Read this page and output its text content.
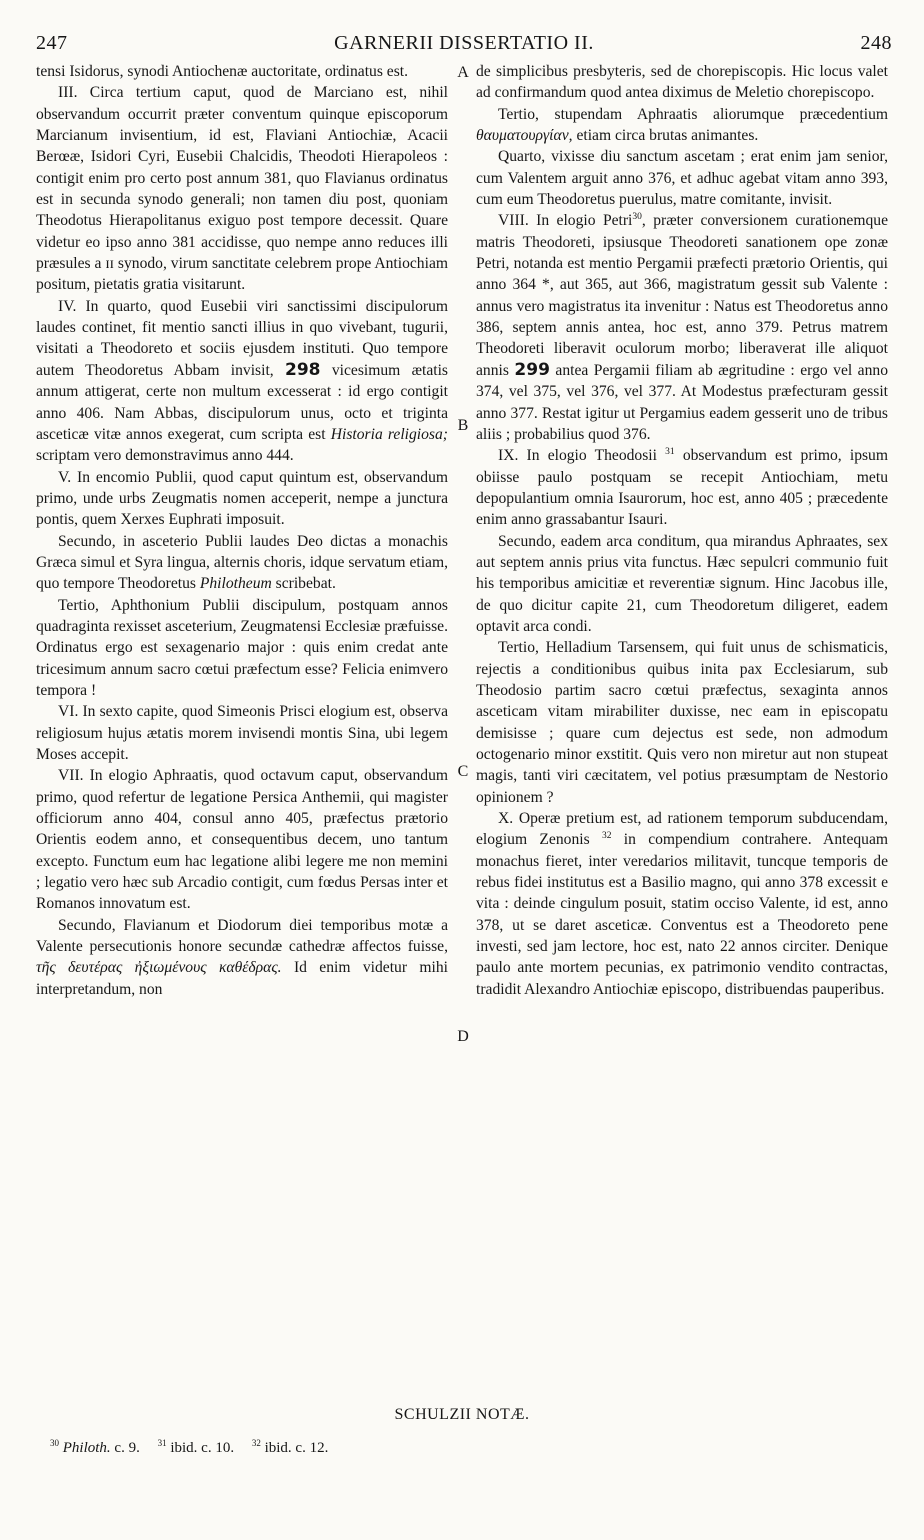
247	GARNERII DISSERTATIO II.	248
A
B
C
D

tensi Isidorus, synodi Antiochenæ auctoritate, ordinatus est.

III. Circa tertium caput, quod de Marciano est, nihil observandum occurrit præter conventum quinque episcoporum Marcianum invisentium, id est, Flaviani Antiochiæ, Acacii Berœæ, Isidori Cyri, Eusebii Chalcidis, Theodoti Hierapoleos : contigit enim pro certo post annum 381, quo Flavianus ordinatus est in secunda synodo generali; non tamen diu post, quoniam Theodotus Hierapolitanus exiguo post tempore decessit. Quare videtur eo ipso anno 381 accidisse, quo nempe anno reduces illi præsules a ɪɪ synodo, virum sanctitate celebrem prope Antiochiam positum, pietatis gratia visitarunt.

IV. In quarto, quod Eusebii viri sanctissimi discipulorum laudes continet, fit mentio sancti illius in quo vivebant, tugurii, visitati a Theodoreto et sociis ejusdem instituti. Quo tempore autem Theodoretus Abbam invisit, 298 vicesimum ætatis annum attigerat, certe non multum excesserat : id ergo contigit anno 406. Nam Abbas, discipulorum unus, octo et triginta asceticæ vitæ annos exegerat, cum scripta est Historia religiosa; scriptam vero demonstravimus anno 444.

V. In encomio Publii, quod caput quintum est, observandum primo, unde urbs Zeugmatis nomen acceperit, nempe a junctura pontis, quem Xerxes Euphrati imposuit.

Secundo, in asceterio Publii laudes Deo dictas a monachis Græca simul et Syra lingua, alternis choris, idque servatum etiam, quo tempore Theodoretus Philotheum scribebat.

Tertio, Aphthonium Publii discipulum, postquam annos quadraginta rexisset asceterium, Zeugmatensi Ecclesiæ præfuisse. Ordinatus ergo est sexagenario major : quis enim credat ante tricesimum annum sacro cœtui præfectum esse? Felicia enimvero tempora !

VI. In sexto capite, quod Simeonis Prisci elogium est, observa religiosum hujus ætatis morem invisendi montis Sina, ubi legem Moses accepit.

VII. In elogio Aphraatis, quod octavum caput, observandum primo, quod refertur de legatione Persica Anthemii, qui magister officiorum anno 404, consul anno 405, præfectus prætorio Orientis eodem anno, et consequentibus decem, uno tantum excepto. Functum eum hac legatione alibi legere me non memini ; legatio vero hæc sub Arcadio contigit, cum fœdus Persas inter et Romanos innovatum est.

Secundo, Flavianum et Diodorum diei temporibus motæ a Valente persecutionis honore secundæ cathedræ affectos fuisse, τῆς δευτέρας ἠξιωμένους καθέδρας. Id enim videtur mihi interpretandum, non

de simplicibus presbyteris, sed de chorepiscopis. Hic locus valet ad confirmandum quod antea diximus de Meletio chorepiscopo.

Tertio, stupendam Aphraatis aliorumque præcedentium θαυματουργίαν, etiam circa brutas animantes.

Quarto, vixisse diu sanctum ascetam ; erat enim jam senior, cum Valentem arguit anno 376, et adhuc agebat vitam anno 393, cum eum Theodoretus puerulus, matre comitante, invisit.

VIII. In elogio Petri$^{30}$, præter conversionem curationemque matris Theodoreti, ipsiusque Theodoreti sanationem ope zonæ Petri, notanda est mentio Pergamii præfecti prætorio Orientis, qui anno 364 *, aut 365, aut 366, magistratum gessit sub Valente : annus vero magistratus ita invenitur : Natus est Theodoretus anno 386, septem annis antea, hoc est, anno 379. Petrus matrem Theodoreti liberavit oculorum morbo; liberaverat ille aliquot annis 299 antea Pergamii filiam ab ægritudine : ergo vel anno 374, vel 375, vel 376, vel 377. At Modestus præfecturam gessit anno 377. Restat igitur ut Pergamius eadem gesserit uno de tribus aliis ; probabilius quod 376.

IX. In elogio Theodosii $^{31}$ observandum est primo, ipsum obiisse paulo postquam se recepit Antiochiam, metu depopulantium omnia Isaurorum, hoc est, anno 405 ; præcedente enim anno grassabantur Isauri.

Secundo, eadem arca conditum, qua mirandus Aphraates, sex aut septem annis prius vita functus. Hæc sepulcri communio fuit his temporibus amicitiæ et reverentiæ signum. Hinc Jacobus ille, de quo dicitur capite 21, cum Theodoretum diligeret, eadem optavit arca condi.

Tertio, Helladium Tarsensem, qui fuit unus de schismaticis, rejectis a conditionibus quibus inita pax Ecclesiarum, sub Theodosio partim sacro cœtui præfectus, sexaginta annos asceticam vitam mirabiliter duxisse, nec eam in episcopatu demisisse ; quare cum dejectus est sede, non admodum octogenario minor exstitit. Quis vero non miretur aut non stupeat magis, tanti viri cæcitatem, vel potius præsumptam de Nestorio opinionem ?

X. Operæ pretium est, ad rationem temporum subducendam, elogium Zenonis $^{32}$ in compendium contrahere. Antequam monachus fieret, inter veredarios militavit, tuncque temporis de rebus fidei institutus est a Basilio magno, qui anno 378 excessit e vita : deinde cingulum posuit, statim occiso Valente, id est, anno 378, ut se daret asceticæ. Conventus est a Theodoreto pene investi, sed jam lectore, hoc est, nato 22 annos circiter. Denique paulo ante mortem pecunias, ex patrimonio vendito contractas, tradidit Alexandro Antiochiæ episcopo, distribuendas pauperibus.

SCHULZII NOTÆ.
$^{30}$ Philoth. c. 9. $^{31}$ ibid. c. 10. $^{32}$ ibid. c. 12.
